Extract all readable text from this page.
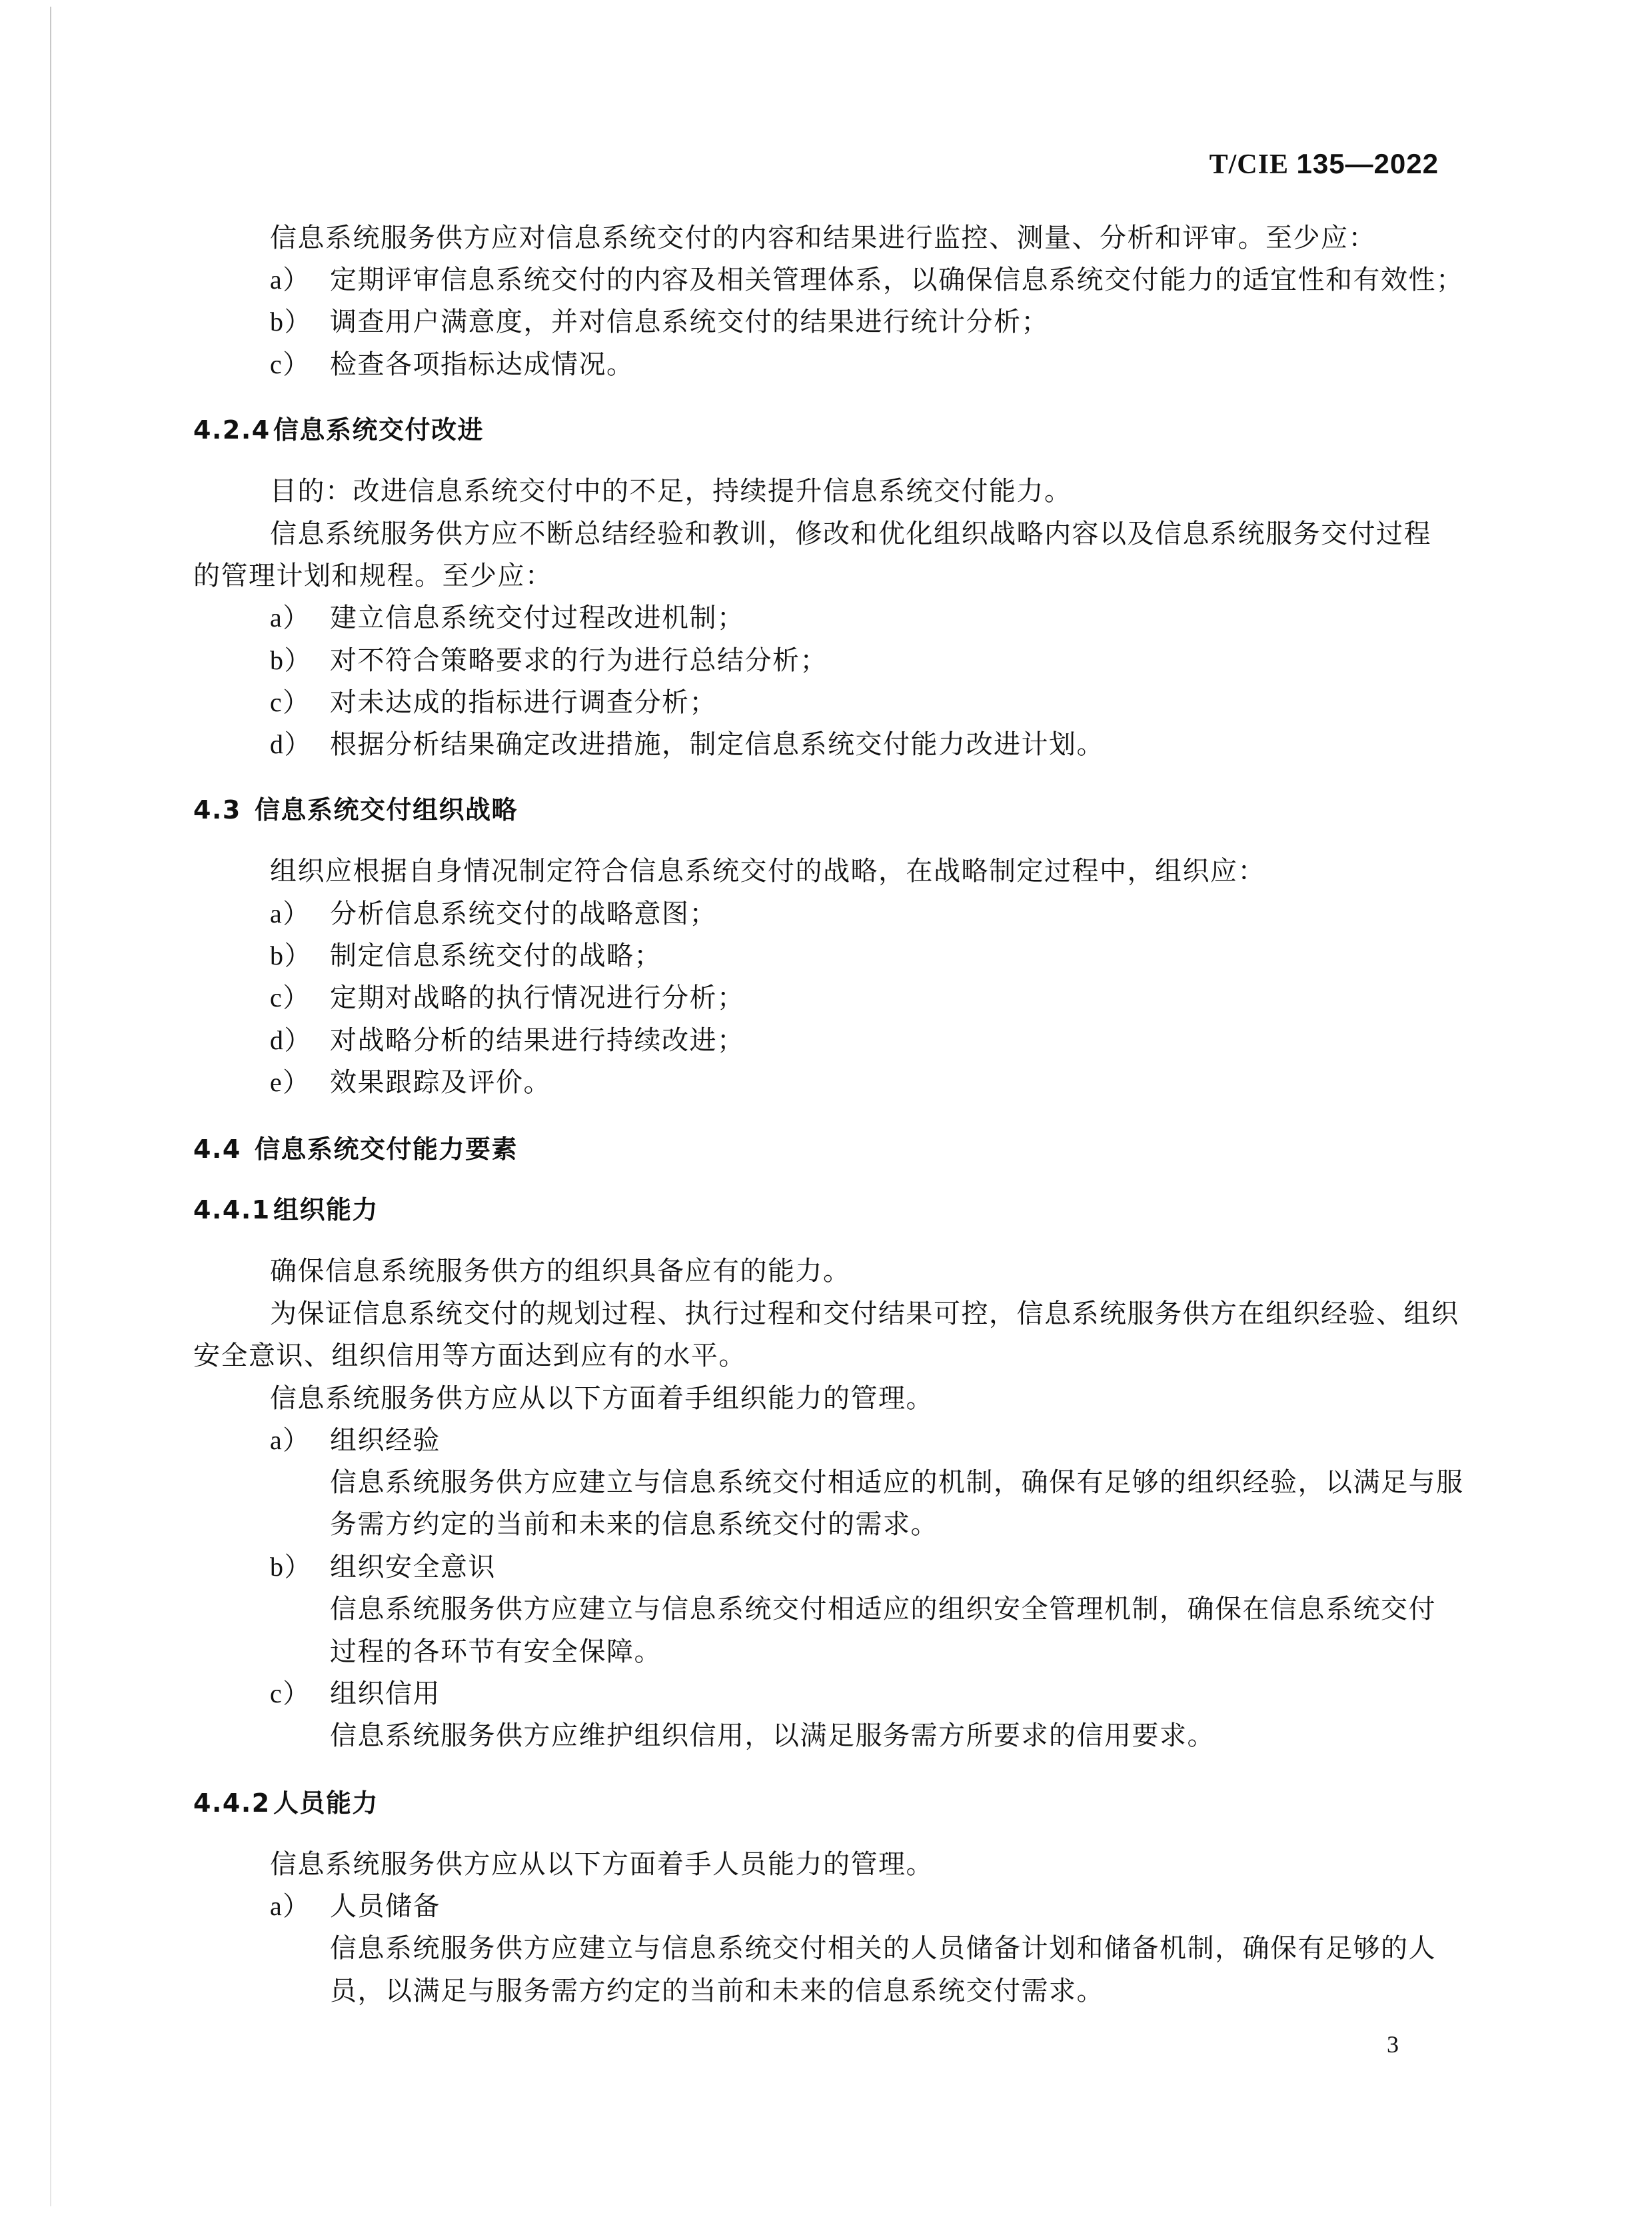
T/CIE 135—2022
信息系统服务供方应对信息系统交付的内容和结果进行监控、测量、分析和评审。至少应：
a） 定期评审信息系统交付的内容及相关管理体系，以确保信息系统交付能力的适宜性和有效性；
b） 调查用户满意度，并对信息系统交付的结果进行统计分析；
c） 检查各项指标达成情况。
4.2.4 信息系统交付改进
目的：改进信息系统交付中的不足，持续提升信息系统交付能力。
信息系统服务供方应不断总结经验和教训，修改和优化组织战略内容以及信息系统服务交付过程
的管理计划和规程。至少应：
a） 建立信息系统交付过程改进机制；
b） 对不符合策略要求的行为进行总结分析；
c） 对未达成的指标进行调查分析；
d） 根据分析结果确定改进措施，制定信息系统交付能力改进计划。
4.3 信息系统交付组织战略
组织应根据自身情况制定符合信息系统交付的战略，在战略制定过程中，组织应：
a） 分析信息系统交付的战略意图；
b） 制定信息系统交付的战略；
c） 定期对战略的执行情况进行分析；
d） 对战略分析的结果进行持续改进；
e） 效果跟踪及评价。
4.4 信息系统交付能力要素
4.4.1 组织能力
确保信息系统服务供方的组织具备应有的能力。
为保证信息系统交付的规划过程、执行过程和交付结果可控，信息系统服务供方在组织经验、组织
安全意识、组织信用等方面达到应有的水平。
信息系统服务供方应从以下方面着手组织能力的管理。
a） 组织经验
信息系统服务供方应建立与信息系统交付相适应的机制，确保有足够的组织经验，以满足与服
务需方约定的当前和未来的信息系统交付的需求。
b） 组织安全意识
信息系统服务供方应建立与信息系统交付相适应的组织安全管理机制，确保在信息系统交付
过程的各环节有安全保障。
c） 组织信用
信息系统服务供方应维护组织信用，以满足服务需方所要求的信用要求。
4.4.2 人员能力
信息系统服务供方应从以下方面着手人员能力的管理。
a） 人员储备
信息系统服务供方应建立与信息系统交付相关的人员储备计划和储备机制，确保有足够的人
员，以满足与服务需方约定的当前和未来的信息系统交付需求。
3
